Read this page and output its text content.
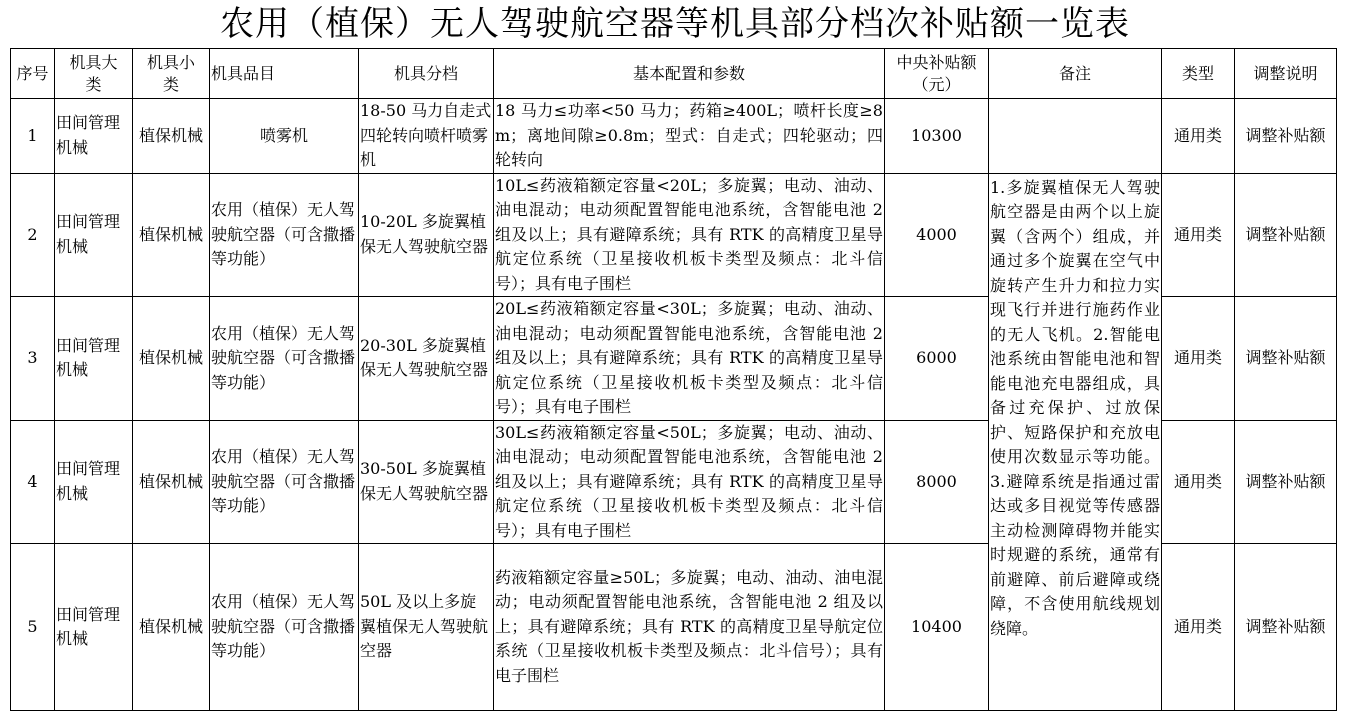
农用（植保）无人驾驶航空器等机具部分档次补贴额一览表
序号	机具大类	机具小类	机具品目	机具分档	基本配置和参数	中央补贴额（元）	备注	类型	调整说明
1	田间管理机械	植保机械	喷雾机	18-50 马力自走式四轮转向喷杆喷雾机	18 马力≤功率<50 马力；药箱≥400L；喷杆长度≥8m；离地间隙≥0.8m；型式：自走式；四轮驱动；四轮转向	10300		通用类	调整补贴额
2	田间管理机械	植保机械	农用（植保）无人驾驶航空器（可含撒播等功能）	10-20L 多旋翼植保无人驾驶航空器	10L≤药液箱额定容量<20L；多旋翼；电动、油动、油电混动；电动须配置智能电池系统，含智能电池 2 组及以上；具有避障系统；具有 RTK 的高精度卫星导航定位系统（卫星接收机板卡类型及频点：北斗信号）；具有电子围栏	4000	1.多旋翼植保无人驾驶航空器是由两个以上旋翼（含两个）组成，并通过多个旋翼在空气中旋转产生升力和拉力实现飞行并进行施药作业的无人飞机。2.智能电池系统由智能电池和智能电池充电器组成，具备过充保护、过放保护、短路保护和充放电使用次数显示等功能。3.避障系统是指通过雷达或多目视觉等传感器主动检测障碍物并能实时规避的系统，通常有前避障、前后避障或绕障，不含使用航线规划绕障。	通用类	调整补贴额
3	田间管理机械	植保机械	农用（植保）无人驾驶航空器（可含撒播等功能）	20-30L 多旋翼植保无人驾驶航空器	20L≤药液箱额定容量<30L；多旋翼；电动、油动、油电混动；电动须配置智能电池系统，含智能电池 2 组及以上；具有避障系统；具有 RTK 的高精度卫星导航定位系统（卫星接收机板卡类型及频点：北斗信号）；具有电子围栏	6000		通用类	调整补贴额
4	田间管理机械	植保机械	农用（植保）无人驾驶航空器（可含撒播等功能）	30-50L 多旋翼植保无人驾驶航空器	30L≤药液箱额定容量<50L；多旋翼；电动、油动、油电混动；电动须配置智能电池系统，含智能电池 2 组及以上；具有避障系统；具有 RTK 的高精度卫星导航定位系统（卫星接收机板卡类型及频点：北斗信号）；具有电子围栏	8000		通用类	调整补贴额
5	田间管理机械	植保机械	农用（植保）无人驾驶航空器（可含撒播等功能）	50L 及以上多旋翼植保无人驾驶航空器	药液箱额定容量≥50L；多旋翼；电动、油动、油电混动；电动须配置智能电池系统，含智能电池 2 组及以上；具有避障系统；具有 RTK 的高精度卫星导航定位系统（卫星接收机板卡类型及频点：北斗信号）；具有电子围栏	10400		通用类	调整补贴额
